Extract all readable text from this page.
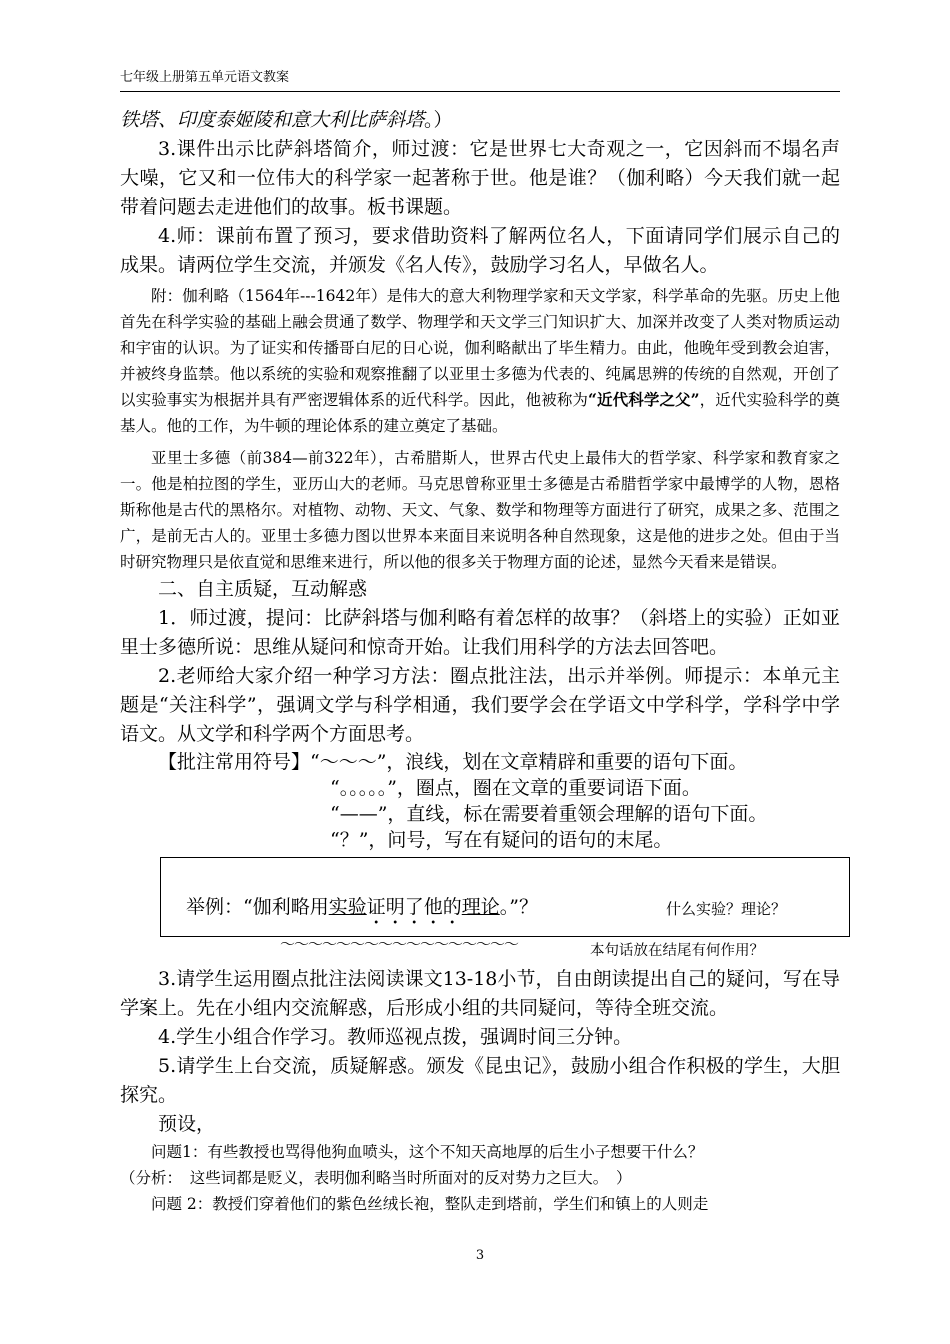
七年级上册第五单元语文教案

铁塔、印度泰姬陵和意大利比萨斜塔。）

3.课件出示比萨斜塔简介，师过渡：它是世界七大奇观之一，它因斜而不塌名声大噪，它又和一位伟大的科学家一起著称于世。他是谁？（伽利略）今天我们就一起带着问题去走进他们的故事。板书课题。

4.师：课前布置了预习，要求借助资料了解两位名人，下面请同学们展示自己的成果。请两位学生交流，并颁发《名人传》，鼓励学习名人，早做名人。

附：伽利略（1564年---1642年）是伟大的意大利物理学家和天文学家，科学革命的先驱。历史上他首先在科学实验的基础上融会贯通了数学、物理学和天文学三门知识扩大、加深并改变了人类对物质运动和宇宙的认识。为了证实和传播哥白尼的日心说，伽利略献出了毕生精力。由此，他晚年受到教会迫害，并被终身监禁。他以系统的实验和观察推翻了以亚里士多德为代表的、纯属思辨的传统的自然观，开创了以实验事实为根据并具有严密逻辑体系的近代科学。因此，他被称为“近代科学之父”，近代实验科学的奠基人。他的工作，为牛顿的理论体系的建立奠定了基础。

亚里士多德（前384—前322年），古希腊斯人，世界古代史上最伟大的哲学家、科学家和教育家之一。他是柏拉图的学生，亚历山大的老师。马克思曾称亚里士多德是古希腊哲学家中最博学的人物，恩格斯称他是古代的黑格尔。对植物、动物、天文、气象、数学和物理等方面进行了研究，成果之多、范围之广，是前无古人的。亚里士多德力图以世界本来面目来说明各种自然现象，这是他的进步之处。但由于当时研究物理只是依直觉和思维来进行，所以他的很多关于物理方面的论述，显然今天看来是错误。

二、自主质疑，互动解惑

1．师过渡，提问：比萨斜塔与伽利略有着怎样的故事？（斜塔上的实验）正如亚里士多德所说：思维从疑问和惊奇开始。让我们用科学的方法去回答吧。

2.老师给大家介绍一种学习方法：圈点批注法，出示并举例。师提示：本单元主题是“关注科学”，强调文学与科学相通，我们要学会在学语文中学科学，学科学中学语文。从文学和科学两个方面思考。

【批注常用符号】“～～～”，浪线，划在文章精辟和重要的语句下面。

“。。。。。”，圈点，圈在文章的重要词语下面。

“——”，直线，标在需要着重领会理解的语句下面。

“？”，问号，写在有疑问的语句的末尾。

举例：“伽利略用实验证明了他的理论。”？	什么实验？理论？
～～～～～～～～～～～～～～～～～	本句话放在结尾有何作用？

3.请学生运用圈点批注法阅读课文13-18小节，自由朗读提出自己的疑问，写在导学案上。先在小组内交流解惑，后形成小组的共同疑问，等待全班交流。

4.学生小组合作学习。教师巡视点拨，强调时间三分钟。

5.请学生上台交流，质疑解惑。颁发《昆虫记》，鼓励小组合作积极的学生，大胆探究。

预设，

问题1：有些教授也骂得他狗血喷头，这个不知天高地厚的后生小子想要干什么？

（分析：　这些词都是贬义，表明伽利略当时所面对的反对势力之巨大。　）

问题 2：教授们穿着他们的紫色丝绒长袍，整队走到塔前，学生们和镇上的人则走

3
